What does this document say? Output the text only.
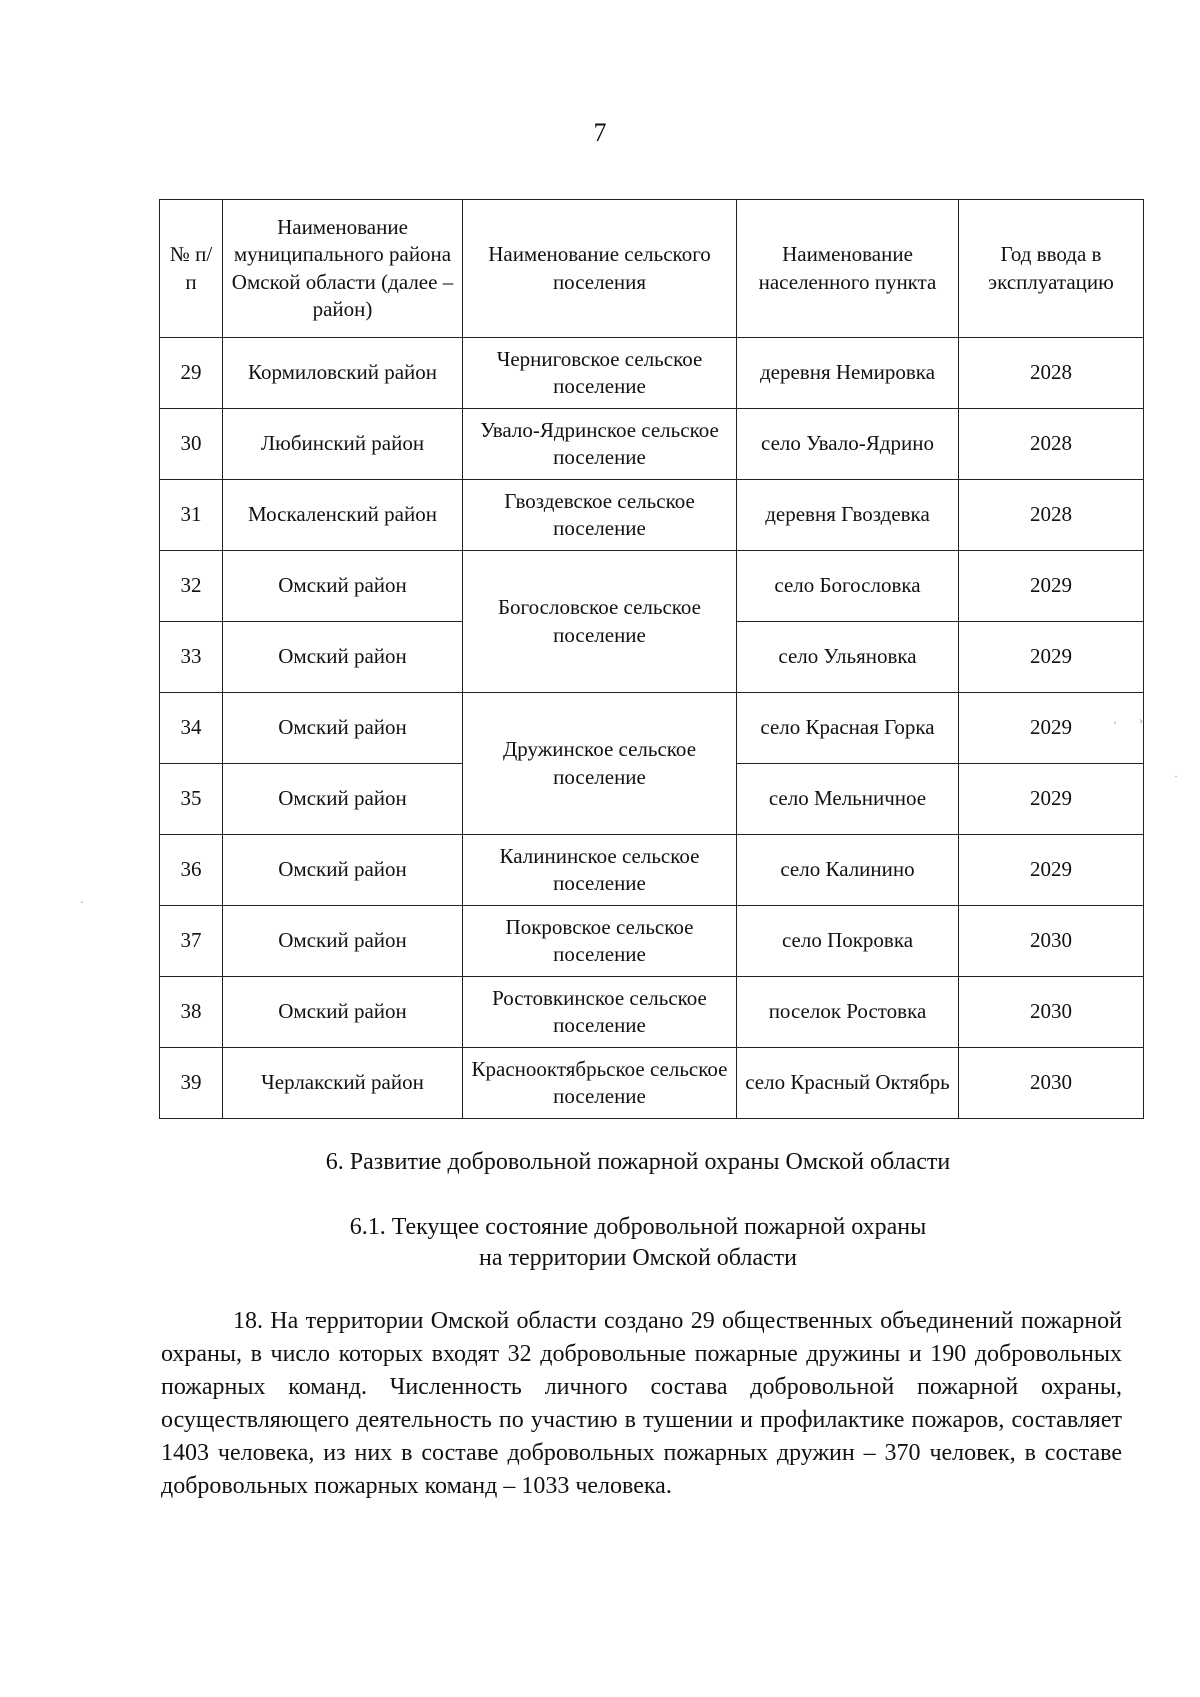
7
№ п/п	Наименование муниципального района Омской области (далее – район)	Наименование сельского поселения	Наименование населенного пункта	Год ввода в эксплуатацию
29	Кормиловский район	Черниговское сельское поселение	деревня Немировка	2028
30	Любинский район	Увало-Ядринское сельское поселение	село Увало-Ядрино	2028
31	Москаленский район	Гвоздевское сельское поселение	деревня Гвоздевка	2028
32	Омский район	Богословское сельское поселение	село Богословка	2029
33	Омский район		село Ульяновка	2029
34	Омский район	Дружинское сельское поселение	село Красная Горка	2029
35	Омский район		село Мельничное	2029
36	Омский район	Калининское сельское поселение	село Калинино	2029
37	Омский район	Покровское сельское поселение	село Покровка	2030
38	Омский район	Ростовкинское сельское поселение	поселок Ростовка	2030
39	Черлакский район	Краснооктябрьское сельское поселение	село Красный Октябрь	2030
6. Развитие добровольной пожарной охраны Омской области
6.1. Текущее состояние добровольной пожарной охраны
на территории Омской области

18. На территории Омской области создано 29 общественных объединений пожарной охраны, в число которых входят 32 добровольные пожарные дружины и 190 добровольных пожарных команд. Численность личного состава добровольной пожарной охраны, осуществляющего деятельность по участию в тушении и профилактике пожаров, составляет 1403 человека, из них в составе добровольных пожарных дружин – 370 человек, в составе добровольных пожарных команд – 1033 человека.

›
·
·
'
